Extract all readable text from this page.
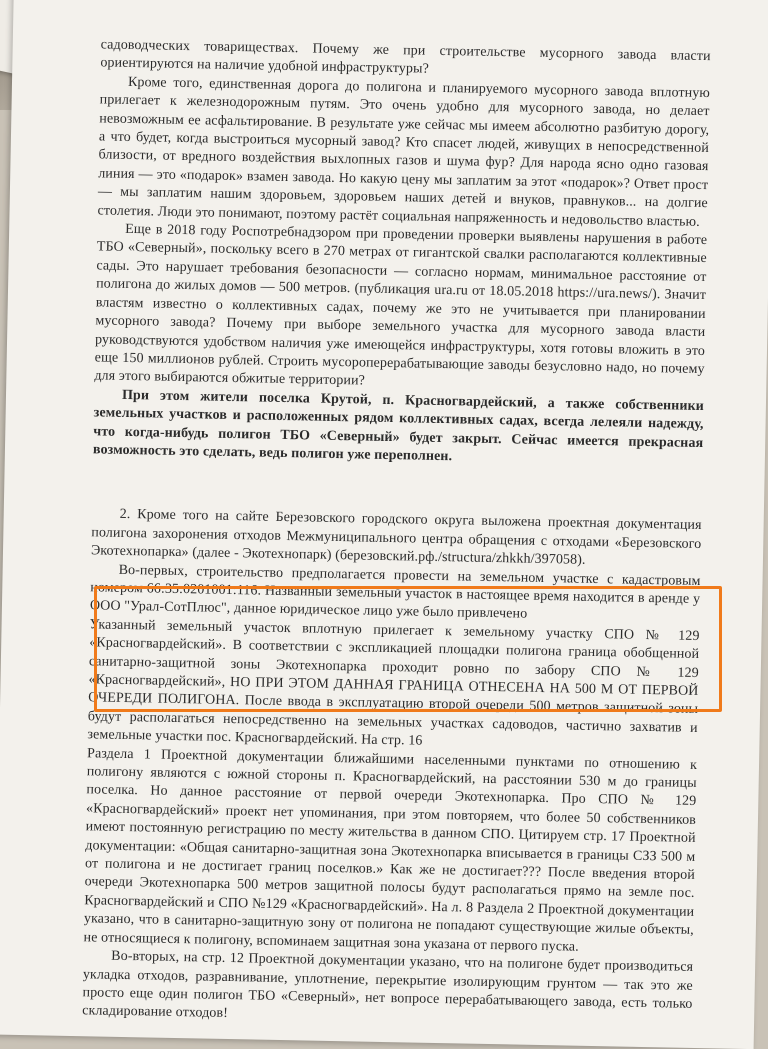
садоводческих товариществах. Почему же при строительстве мусорного завода власти ориентируются на наличие удобной инфраструктуры?

Кроме того, единственная дорога до полигона и планируемого мусорного завода вплотную прилегает к железнодорожным путям. Это очень удобно для мусорного завода, но делает невозможным ее асфальтирование. В результате уже сейчас мы имеем абсолютно разбитую дорогу, а что будет, когда выстроиться мусорный завод? Кто спасет людей, живущих в непосредственной близости, от вредного воздействия выхлопных газов и шума фур? Для народа ясно одно газовая линия — это «подарок» взамен завода. Но какую цену мы заплатим за этот «подарок»? Ответ прост — мы заплатим нашим здоровьем, здоровьем наших детей и внуков, правнуков... на долгие столетия. Люди это понимают, поэтому растёт социальная напряженность и недовольство властью.

Еще в 2018 году Роспотребнадзором при проведении проверки выявлены нарушения в работе ТБО «Северный», поскольку всего в 270 метрах от гигантской свалки располагаются коллективные сады. Это нарушает требования безопасности — согласно нормам, минимальное расстояние от полигона до жилых домов — 500 метров. (публикация ura.ru от 18.05.2018 https://ura.news/). Значит властям известно о коллективных садах, почему же это не учитывается при планировании мусорного завода? Почему при выборе земельного участка для мусорного завода власти руководствуются удобством наличия уже имеющейся инфраструктуры, хотя готовы вложить в это еще 150 миллионов рублей. Строить мусороперерабатывающие заводы безусловно надо, но почему для этого выбираются обжитые территории?

При этом жители поселка Крутой, п. Красногвардейский, а также собственники земельных участков и расположенных рядом коллективных садах, всегда лелеяли надежду, что когда-нибудь полигон ТБО «Северный» будет закрыт. Сейчас имеется прекрасная возможность это сделать, ведь полигон уже переполнен.

2. Кроме того на сайте Березовского городского округа выложена проектная документация полигона захоронения отходов Межмуниципального центра обращения с отходами «Березовского Экотехнопарка» (далее - Экотехнопарк) (березовский.рф./structura/zhkkh/397058).

Во-первых, строительство предполагается провести на земельном участке с кадастровым номером 66:35:0201001:116. Названный земельный участок в настоящее время находится в аренде у ООО "Урал-СотПлюс", данное юридическое лицо уже было привлечено

Указанный земельный участок вплотную прилегает к земельному участку СПО № 129 «Красногвардейский». В соответствии с экспликацией площадки полигона граница обобщенной санитарно-защитной зоны Экотехнопарка проходит ровно по забору СПО № 129 «Красногвардейский», НО ПРИ ЭТОМ ДАННАЯ ГРАНИЦА ОТНЕСЕНА НА 500 М ОТ ПЕРВОЙ ОЧЕРЕДИ ПОЛИГОНА. После ввода в эксплуатацию второй очереди 500 метров защитной зоны будут располагаться непосредственно на земельных участках садоводов, частично захватив и земельные участки пос. Красногвардейский. На стр. 16

Раздела 1 Проектной документации ближайшими населенными пунктами по отношению к полигону являются с южной стороны п. Красногвардейский, на расстоянии 530 м до границы поселка. Но данное расстояние от первой очереди Экотехнопарка. Про СПО № 129 «Красногвардейский» проект нет упоминания, при этом повторяем, что более 50 собственников имеют постоянную регистрацию по месту жительства в данном СПО. Цитируем стр. 17 Проектной документации: «Общая санитарно-защитная зона Экотехнопарка вписывается в границы СЗЗ 500 м от полигона и не достигает границ поселков.» Как же не достигает??? После введения второй очереди Экотехнопарка 500 метров защитной полосы будут располагаться прямо на земле пос. Красногвардейский и СПО №129 «Красногвардейский». На л. 8 Раздела 2 Проектной документации указано, что в санитарно-защитную зону от полигона не попадают существующие жилые объекты, не относящиеся к полигону, вспоминаем защитная зона указана от первого пуска.

Во-вторых, на стр. 12 Проектной документации указано, что на полигоне будет производиться укладка отходов, разравнивание, уплотнение, перекрытие изолирующим грунтом — так это же просто еще один полигон ТБО «Северный», нет вопросе перерабатывающего завода, есть только складирование отходов!
